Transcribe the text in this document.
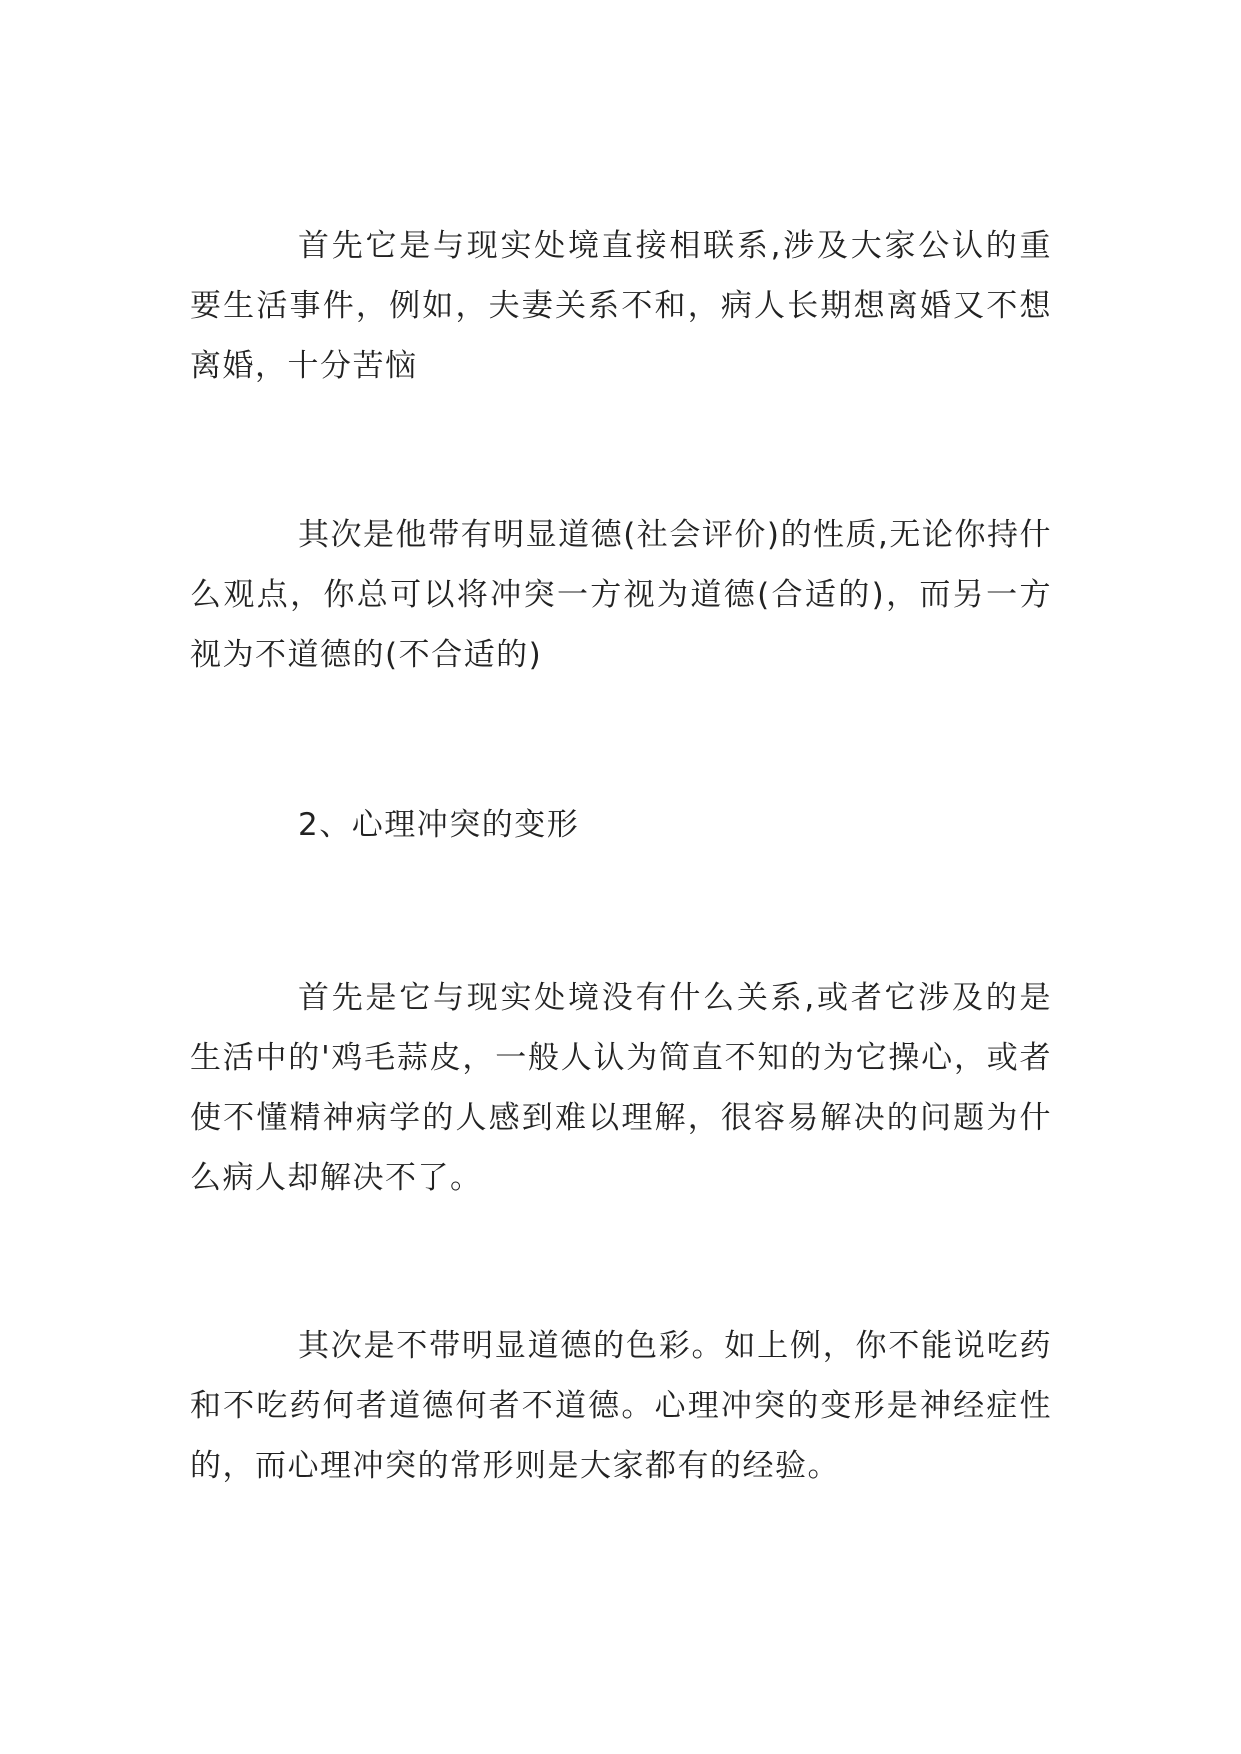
首先它是与现实处境直接相联系,涉及大家公认的重要生活事件，例如，夫妻关系不和，病人长期想离婚又不想离婚，十分苦恼

其次是他带有明显道德(社会评价)的性质,无论你持什么观点，你总可以将冲突一方视为道德(合适的)，而另一方视为不道德的(不合适的)

2、心理冲突的变形

首先是它与现实处境没有什么关系,或者它涉及的是生活中的'鸡毛蒜皮，一般人认为简直不知的为它操心，或者使不懂精神病学的人感到难以理解，很容易解决的问题为什么病人却解决不了。

其次是不带明显道德的色彩。如上例，你不能说吃药和不吃药何者道德何者不道德。心理冲突的变形是神经症性的，而心理冲突的常形则是大家都有的经验。
